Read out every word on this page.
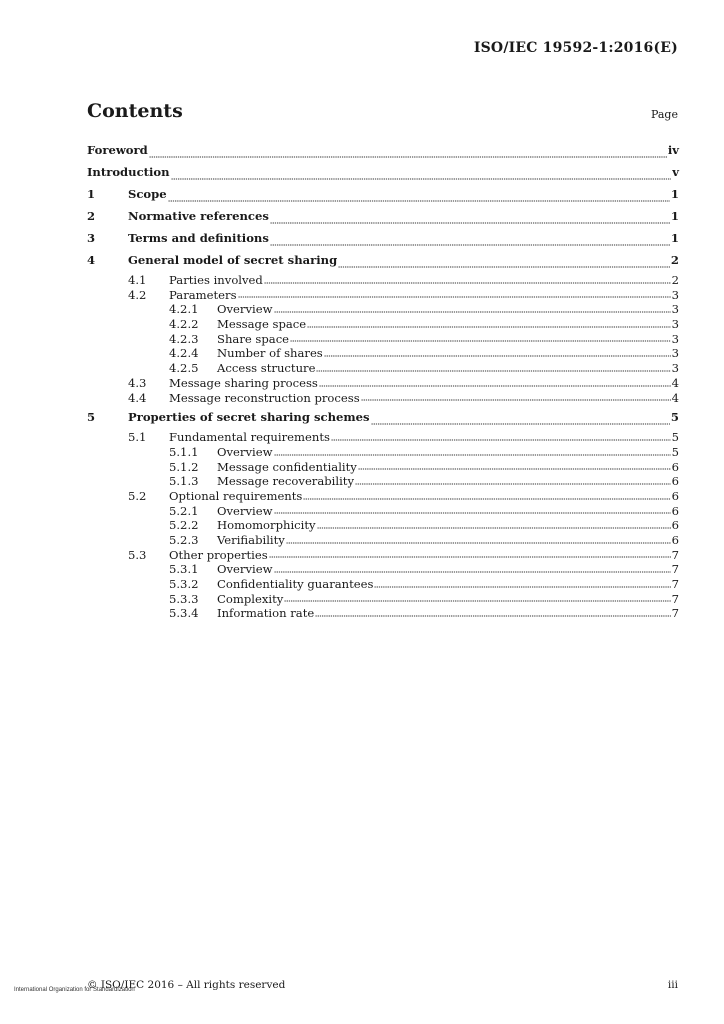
ISO/IEC 19592-1:2016(E)
Contents	Page
Foreword	iv
Introduction	v
1	Scope	1
2	Normative references	1
3	Terms and definitions	1
4	General model of secret sharing	2
4.1	Parties involved	2
4.2	Parameters	3
4.2.1	Overview	3
4.2.2	Message space	3
4.2.3	Share space	3
4.2.4	Number of shares	3
4.2.5	Access structure	3
4.3	Message sharing process	4
4.4	Message reconstruction process	4
5	Properties of secret sharing schemes	5
5.1	Fundamental requirements	5
5.1.1	Overview	5
5.1.2	Message confidentiality	6
5.1.3	Message recoverability	6
5.2	Optional requirements	6
5.2.1	Overview	6
5.2.2	Homomorphicity	6
5.2.3	Verifiability	6
5.3	Other properties	7
5.3.1	Overview	7
5.3.2	Confidentiality guarantees	7
5.3.3	Complexity	7
5.3.4	Information rate	7
International Organization for Standardization
© ISO/IEC 2016 – All rights reserved	iii
